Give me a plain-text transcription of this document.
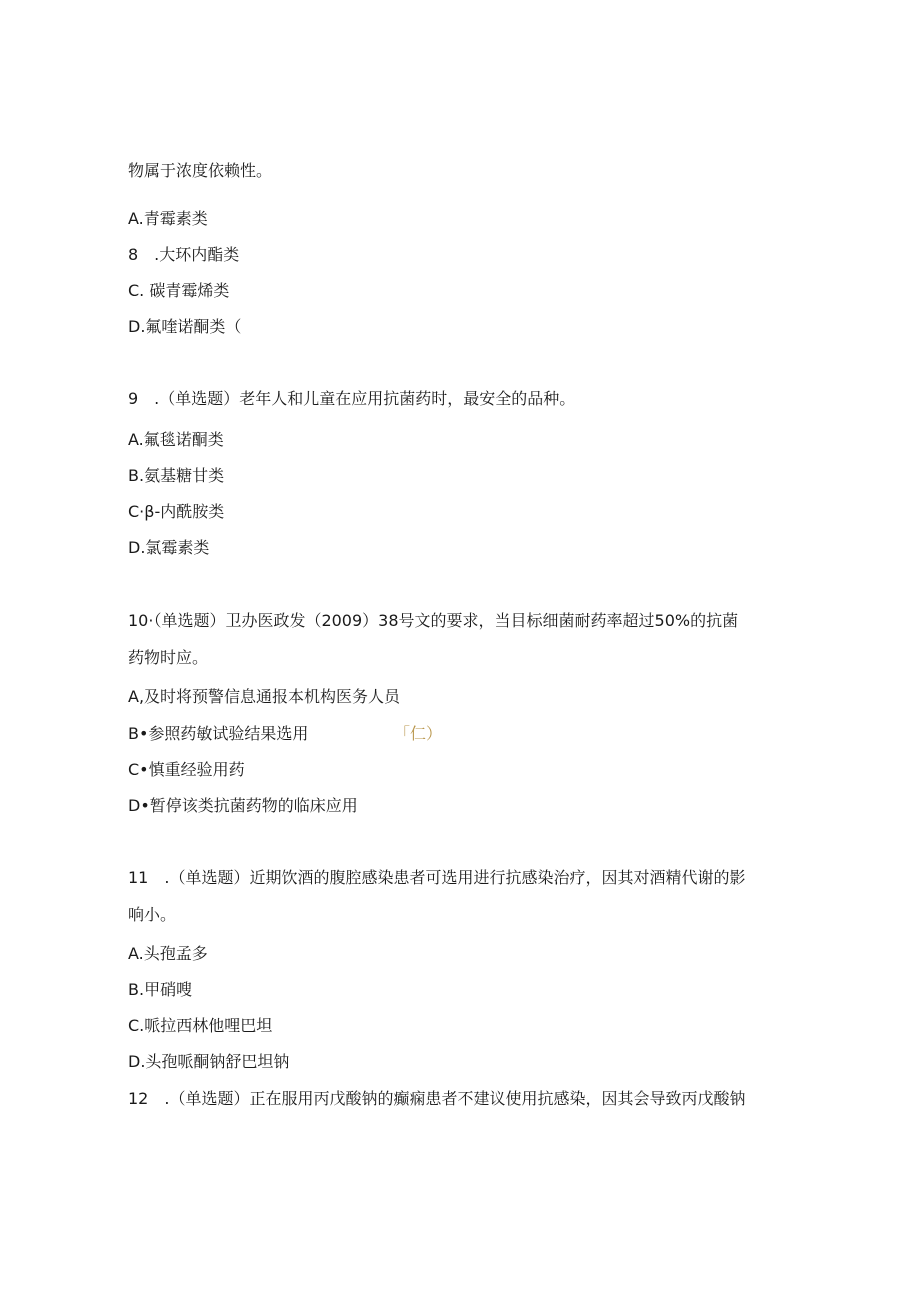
物属于浓度依赖性。
A.青霉素类
8　.大环内酯类
C. 碳青霉烯类
D.氟喹诺酮类（
9　.（单选题）老年人和儿童在应用抗菌药时，最安全的品种。
A.氟毯诺酮类
B.氨基糖甘类
C·β-内酰胺类
D.氯霉素类
10·（单选题）卫办医政发（2009）38号文的要求，当目标细菌耐药率超过50%的抗菌
药物时应。
A,及时将预警信息通报本机构医务人员
B•参照药敏试验结果选用	「仁）
C•慎重经验用药
D•暂停该类抗菌药物的临床应用
11　.（单选题）近期饮酒的腹腔感染患者可选用进行抗感染治疗，因其对酒精代谢的影
响小。
A.头孢孟多
B.甲硝嗖
C.哌拉西林他哩巴坦
D.头孢哌酮钠舒巴坦钠
12　.（单选题）正在服用丙戊酸钠的癫痫患者不建议使用抗感染，因其会导致丙戊酸钠
